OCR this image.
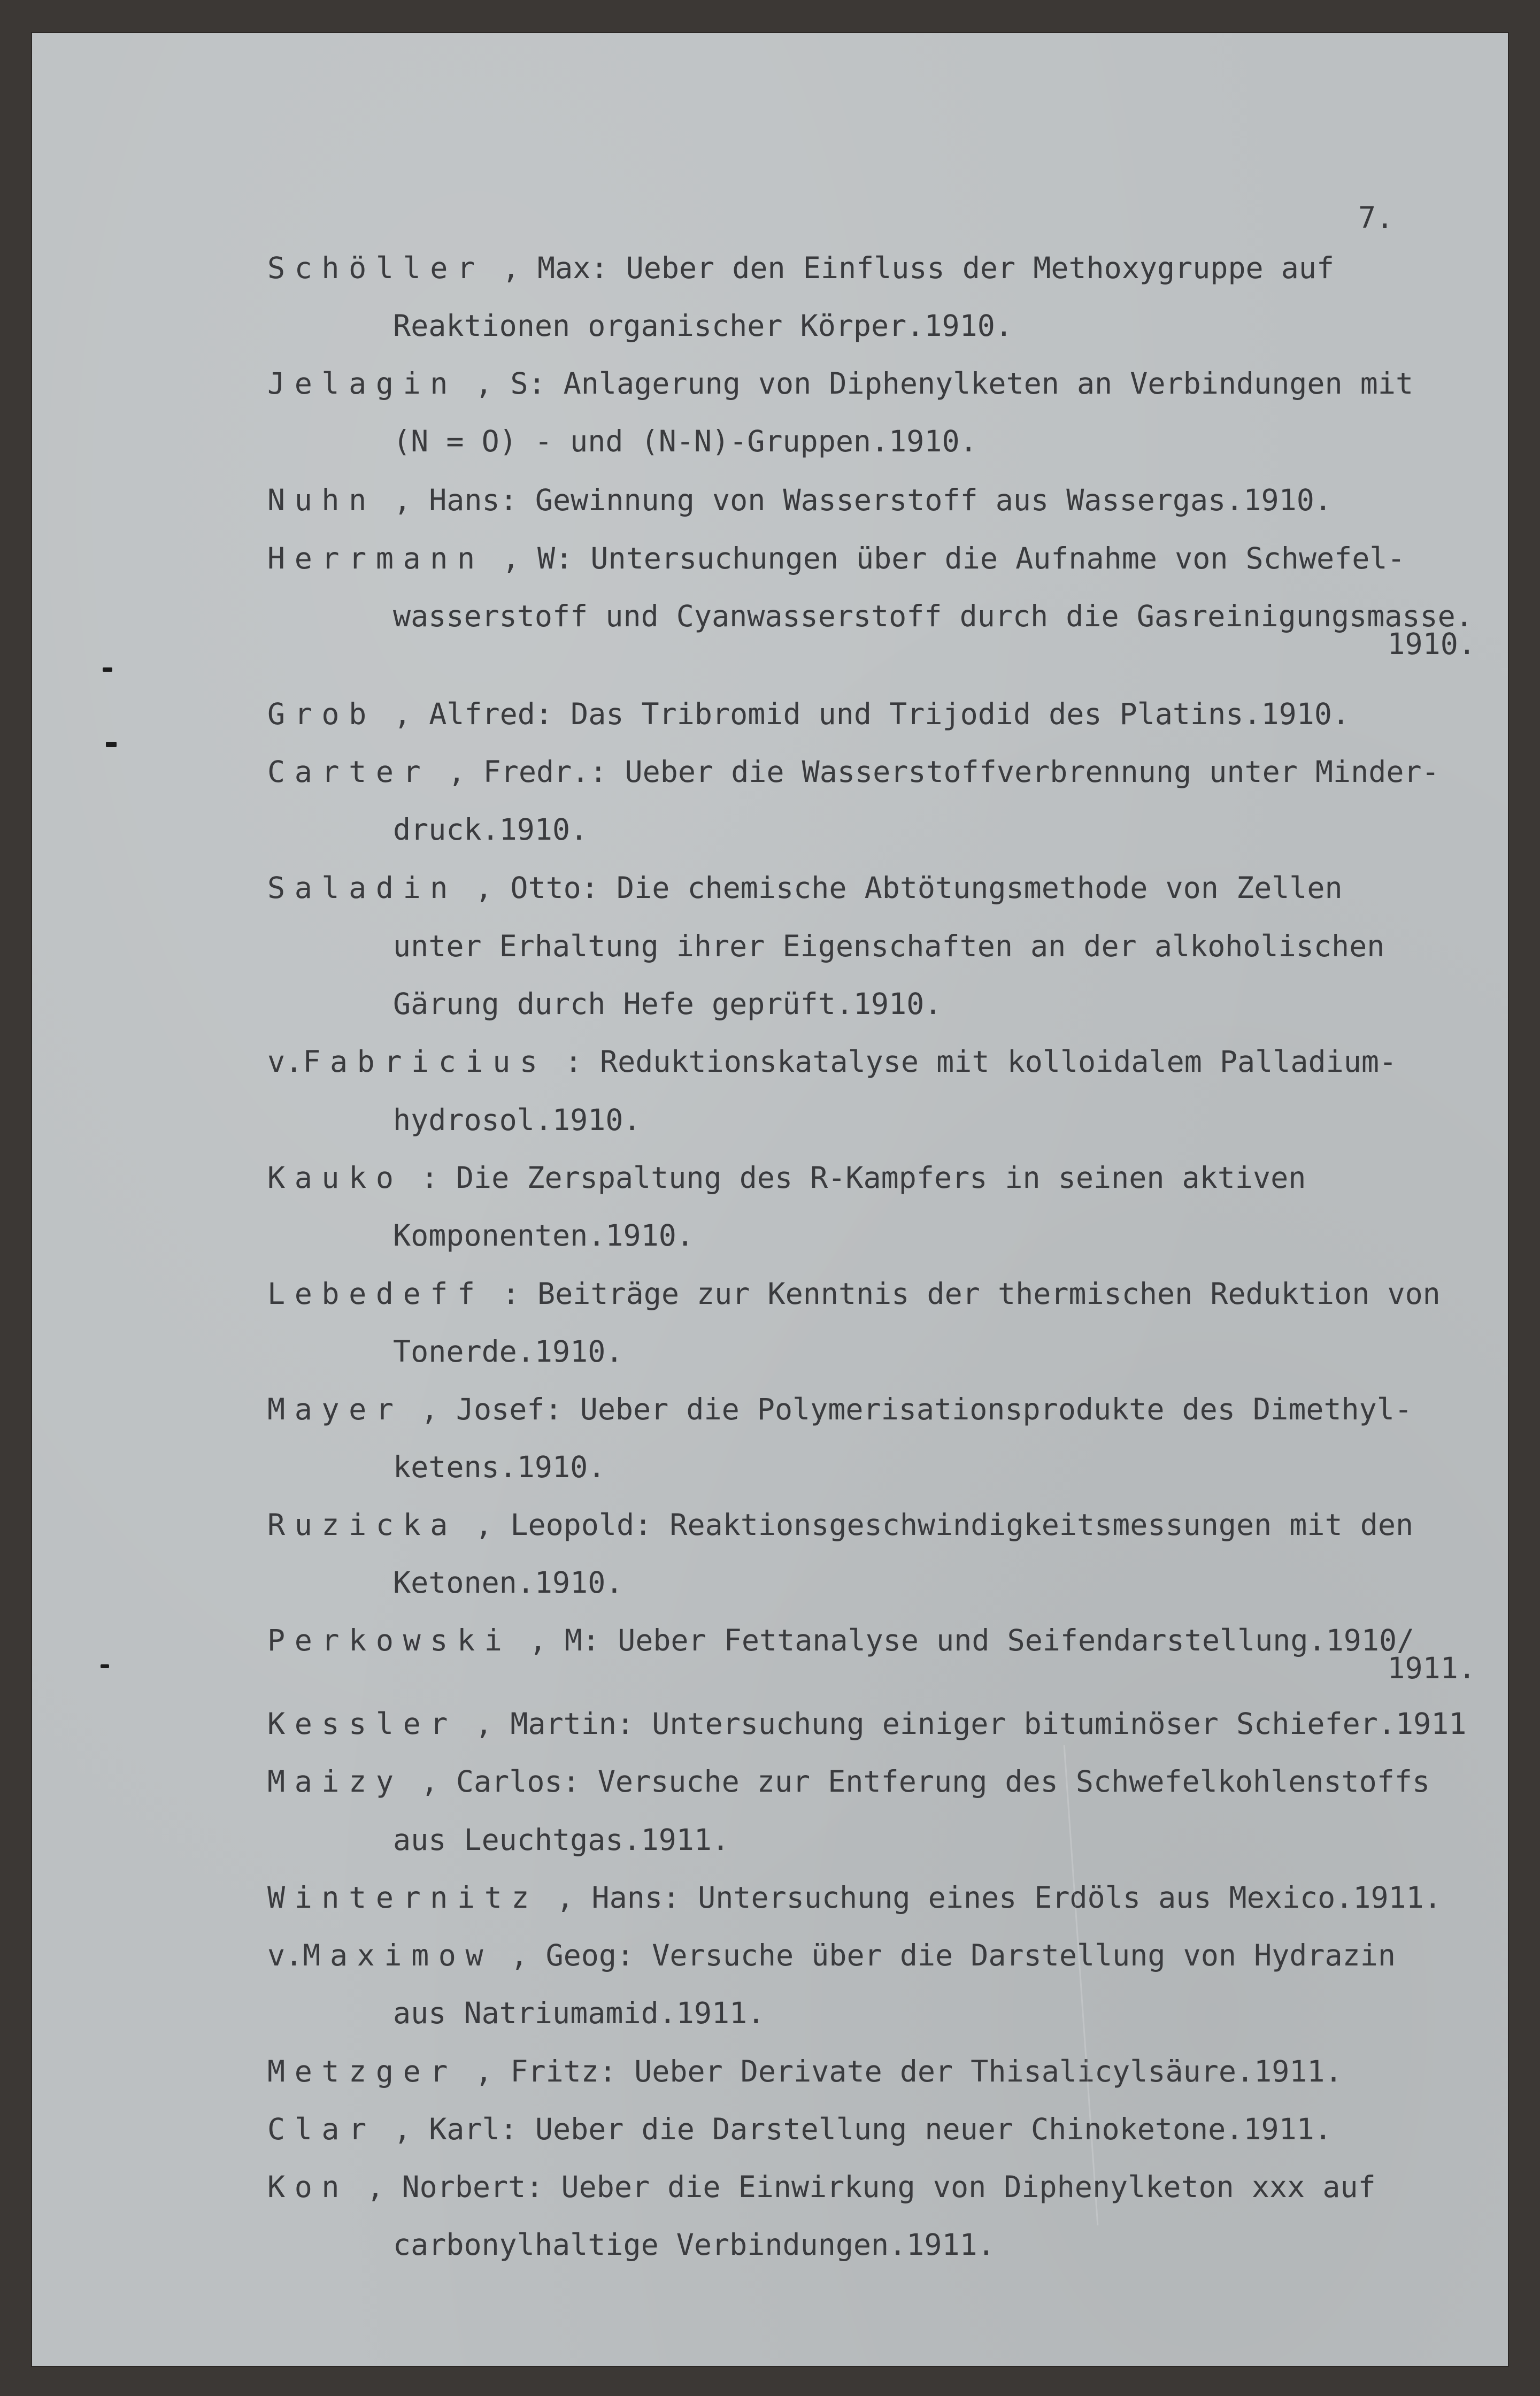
7.
Schöller , Max: Ueber den Einfluss der Methoxygruppe auf
Reaktionen organischer Körper.1910.
Jelagin , S: Anlagerung von Diphenylketen an Verbindungen mit
(N = O) - und (N-N)-Gruppen.1910.
Nuhn , Hans: Gewinnung von Wasserstoff aus Wassergas.1910.
Herrmann , W: Untersuchungen über die Aufnahme von Schwefel-
wasserstoff und Cyanwasserstoff durch die Gasreinigungsmasse.
1910.
Grob , Alfred: Das Tribromid und Trijodid des Platins.1910.
Carter , Fredr.: Ueber die Wasserstoffverbrennung unter Minder-
druck.1910.
Saladin , Otto: Die chemische Abtötungsmethode von Zellen
unter Erhaltung ihrer Eigenschaften an der alkoholischen
Gärung durch Hefe geprüft.1910.
v.Fabricius : Reduktionskatalyse mit kolloidalem Palladium-
hydrosol.1910.
Kauko : Die Zerspaltung des R-Kampfers in seinen aktiven
Komponenten.1910.
Lebedeff : Beiträge zur Kenntnis der thermischen Reduktion von
Tonerde.1910.
Mayer , Josef: Ueber die Polymerisationsprodukte des Dimethyl-
ketens.1910.
Ruzicka , Leopold: Reaktionsgeschwindigkeitsmessungen mit den
Ketonen.1910.
Perkowski , M: Ueber Fettanalyse und Seifendarstellung.1910/
1911.
Kessler , Martin: Untersuchung einiger bituminöser Schiefer.1911
Maizy , Carlos: Versuche zur Entferung des Schwefelkohlenstoffs
aus Leuchtgas.1911.
Winternitz , Hans: Untersuchung eines Erdöls aus Mexico.1911.
v.Maximow , Geog: Versuche über die Darstellung von Hydrazin
aus Natriumamid.1911.
Metzger , Fritz: Ueber Derivate der Thisalicylsäure.1911.
Clar , Karl: Ueber die Darstellung neuer Chinoketone.1911.
Kon , Norbert: Ueber die Einwirkung von Diphenylketon xxx auf
carbonylhaltige Verbindungen.1911.
